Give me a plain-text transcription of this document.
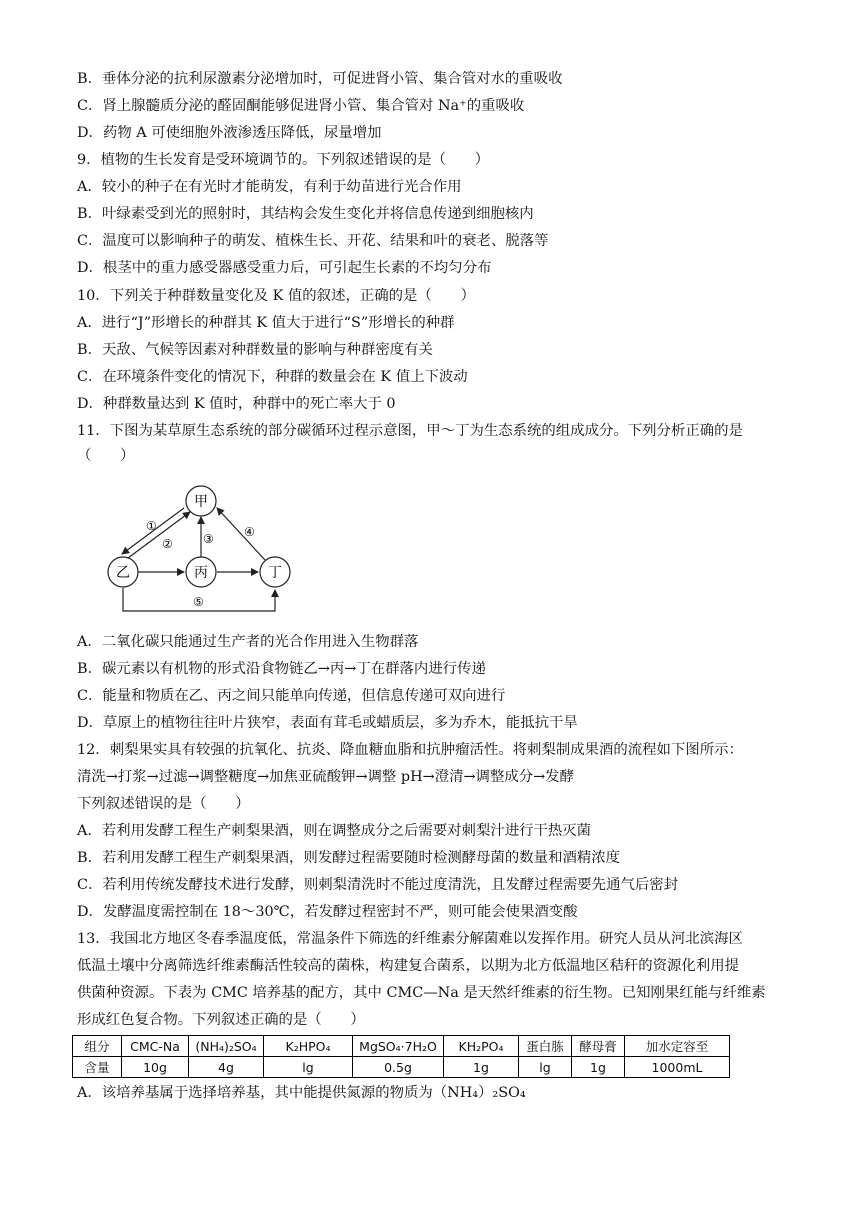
B．垂体分泌的抗利尿激素分泌增加时，可促进肾小管、集合管对水的重吸收
C．肾上腺髓质分泌的醛固酮能够促进肾小管、集合管对 Na⁺的重吸收
D．药物 A 可使细胞外液渗透压降低，尿量增加
9．植物的生长发育是受环境调节的。下列叙述错误的是（　　）
A．较小的种子在有光时才能萌发，有利于幼苗进行光合作用
B．叶绿素受到光的照射时，其结构会发生变化并将信息传递到细胞核内
C．温度可以影响种子的萌发、植株生长、开花、结果和叶的衰老、脱落等
D．根茎中的重力感受器感受重力后，可引起生长素的不均匀分布
10．下列关于种群数量变化及 K 值的叙述，正确的是（　　）
A．进行“J”形增长的种群其 K 值大于进行“S”形增长的种群
B．天敌、气候等因素对种群数量的影响与种群密度有关
C．在环境条件变化的情况下，种群的数量会在 K 值上下波动
D．种群数量达到 K 值时，种群中的死亡率大于 0
11．下图为某草原生态系统的部分碳循环过程示意图，甲～丁为生态系统的组成成分。下列分析正确的是
（　　）
甲
乙	丙	丁
①
②	③	④
⑤
A．二氧化碳只能通过生产者的光合作用进入生物群落
B．碳元素以有机物的形式沿食物链乙→丙→丁在群落内进行传递
C．能量和物质在乙、丙之间只能单向传递，但信息传递可双向进行
D．草原上的植物往往叶片狭窄，表面有茸毛或蜡质层，多为乔木，能抵抗干旱
12．刺梨果实具有较强的抗氧化、抗炎、降血糖血脂和抗肿瘤活性。将刺梨制成果酒的流程如下图所示：
清洗→打浆→过滤→调整糖度→加焦亚硫酸钾→调整 pH→澄清→调整成分→发酵
下列叙述错误的是（　　）
A．若利用发酵工程生产刺梨果酒，则在调整成分之后需要对刺梨汁进行干热灭菌
B．若利用发酵工程生产刺梨果酒，则发酵过程需要随时检测酵母菌的数量和酒精浓度
C．若利用传统发酵技术进行发酵，则刺梨清洗时不能过度清洗，且发酵过程需要先通气后密封
D．发酵温度需控制在 18～30℃，若发酵过程密封不严，则可能会使果酒变酸
13．我国北方地区冬春季温度低，常温条件下筛选的纤维素分解菌难以发挥作用。研究人员从河北滨海区
低温土壤中分离筛选纤维素酶活性较高的菌株，构建复合菌系，以期为北方低温地区秸秆的资源化利用提
供菌种资源。下表为 CMC 培养基的配方，其中 CMC—Na 是天然纤维素的衍生物。已知刚果红能与纤维素
形成红色复合物。下列叙述正确的是（　　）
组分	CMC-Na	(NH₄)₂SO₄	K₂HPO₄	MgSO₄·7H₂O	KH₂PO₄	蛋白胨	酵母膏	加水定容至
含量	10g	4g	lg	0.5g	1g	lg	1g	1000mL
A．该培养基属于选择培养基，其中能提供氮源的物质为（NH₄）₂SO₄
